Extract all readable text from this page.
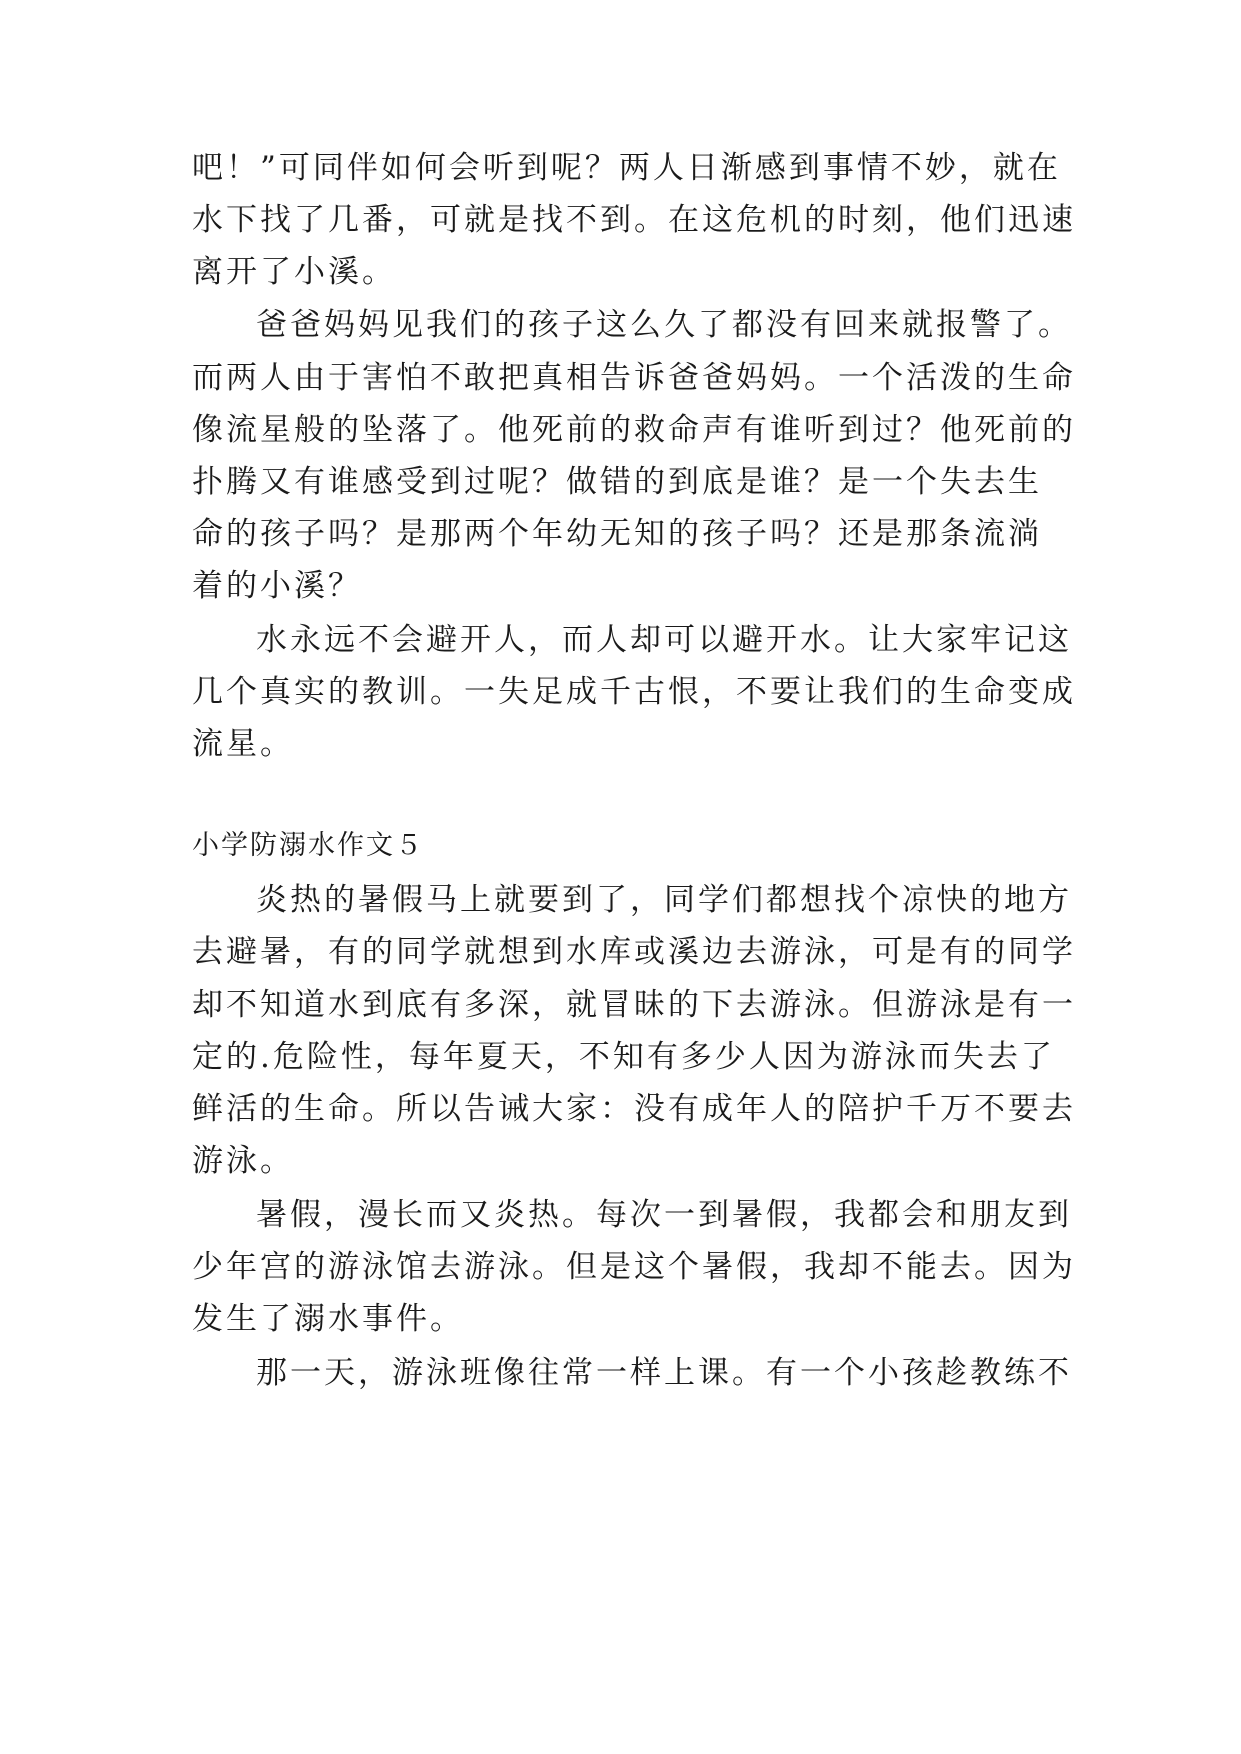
吧！”可同伴如何会听到呢？两人日渐感到事情不妙，就在
水下找了几番，可就是找不到。在这危机的时刻，他们迅速
离开了小溪。
爸爸妈妈见我们的孩子这么久了都没有回来就报警了。
而两人由于害怕不敢把真相告诉爸爸妈妈。一个活泼的生命
像流星般的坠落了。他死前的救命声有谁听到过？他死前的
扑腾又有谁感受到过呢？做错的到底是谁？是一个失去生
命的孩子吗？是那两个年幼无知的孩子吗？还是那条流淌
着的小溪？
水永远不会避开人，而人却可以避开水。让大家牢记这
几个真实的教训。一失足成千古恨，不要让我们的生命变成
流星。
小学防溺水作文５
炎热的暑假马上就要到了，同学们都想找个凉快的地方
去避暑，有的同学就想到水库或溪边去游泳，可是有的同学
却不知道水到底有多深，就冒昧的下去游泳。但游泳是有一
定的.危险性，每年夏天，不知有多少人因为游泳而失去了
鲜活的生命。所以告诫大家：没有成年人的陪护千万不要去
游泳。
暑假，漫长而又炎热。每次一到暑假，我都会和朋友到
少年宫的游泳馆去游泳。但是这个暑假，我却不能去。因为
发生了溺水事件。
那一天，游泳班像往常一样上课。有一个小孩趁教练不
